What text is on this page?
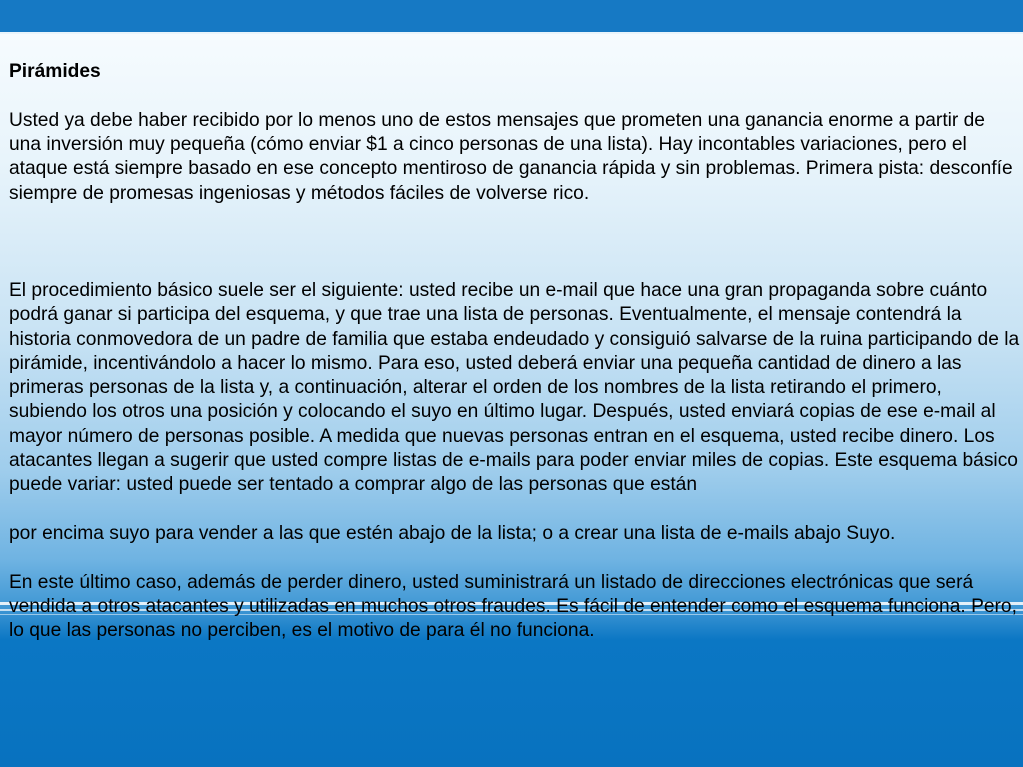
Pirámides

Usted ya debe haber recibido por lo menos uno de estos mensajes que prometen una ganancia enorme a partir de una inversión muy pequeña (cómo enviar $1 a cinco personas de una lista). Hay incontables variaciones, pero el ataque está siempre basado en ese concepto mentiroso de ganancia rápida y sin problemas. Primera pista: desconfíe siempre de promesas ingeniosas y métodos fáciles de volverse rico.

El procedimiento básico suele ser el siguiente: usted recibe un e-mail que hace una gran propaganda sobre cuánto podrá ganar si participa del esquema, y que trae una lista de personas. Eventualmente, el mensaje contendrá la historia conmovedora de un padre de familia que estaba endeudado y consiguió salvarse de la ruina participando de la pirámide, incentivándolo a hacer lo mismo. Para eso, usted deberá enviar una pequeña cantidad de dinero a las primeras personas de la lista y, a continuación, alterar el orden de los nombres de la lista retirando el primero, subiendo los otros una posición y colocando el suyo en último lugar. Después, usted enviará copias de ese e-mail al mayor número de personas posible. A medida que nuevas personas entran en el esquema, usted recibe dinero. Los atacantes llegan a sugerir que usted compre listas de e-mails para poder enviar miles de copias. Este esquema básico puede variar: usted puede ser tentado a comprar algo de las personas que están

por encima suyo para vender a las que estén abajo de la lista; o a crear una lista de e-mails abajo Suyo.

En este último caso, además de perder dinero, usted suministrará un listado de direcciones electrónicas que será vendida a otros atacantes y utilizadas en muchos otros fraudes. Es fácil de entender como el esquema funciona. Pero, lo que las personas no perciben, es el motivo de para él no funciona.
